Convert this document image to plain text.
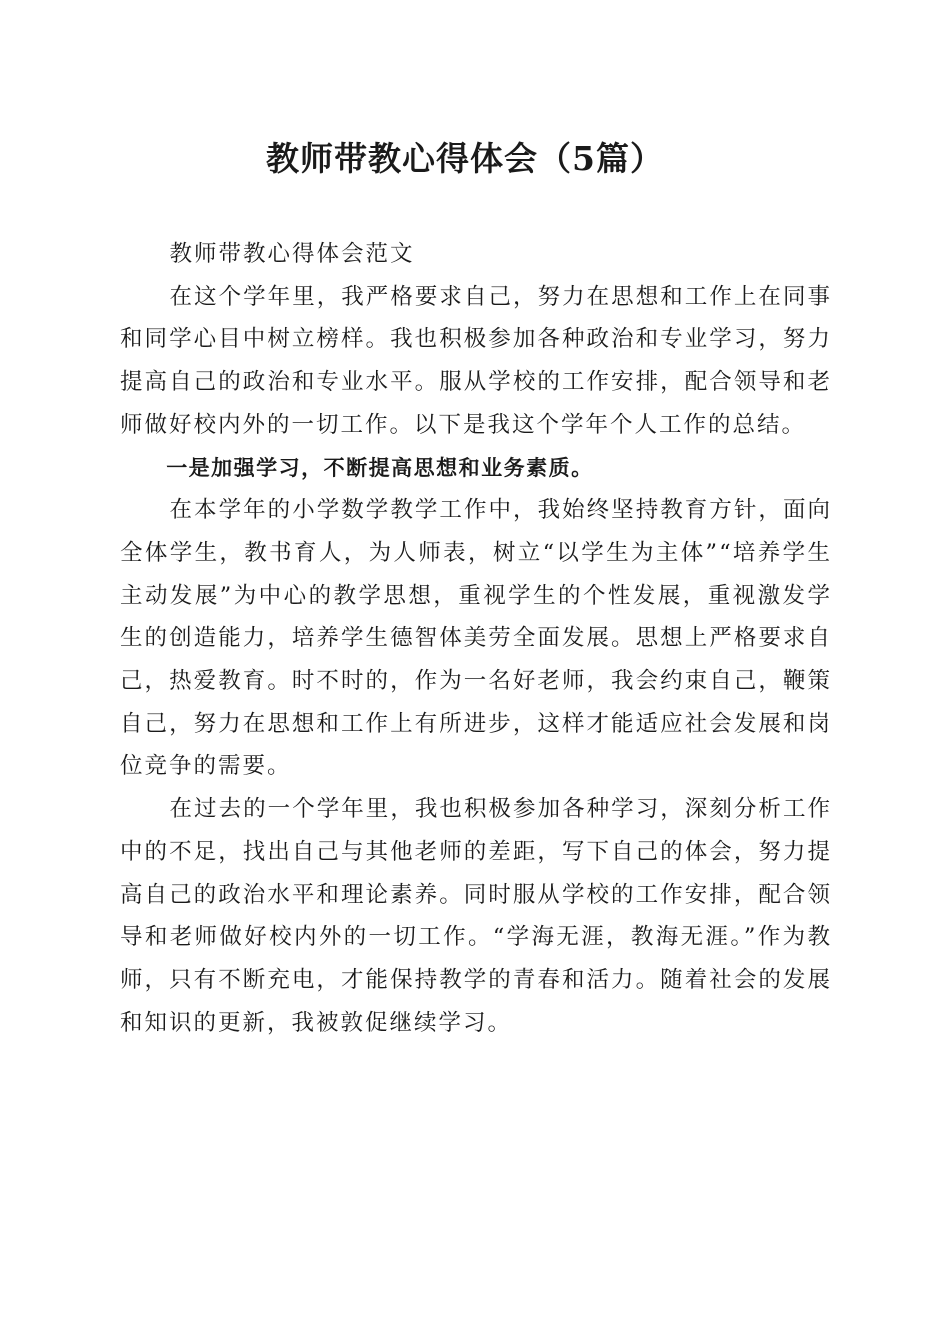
教师带教心得体会（5篇）

教师带教心得体会范文

在这个学年里，我严格要求自己，努力在思想和工作上在同事和同学心目中树立榜样。我也积极参加各种政治和专业学习，努力提高自己的政治和专业水平。服从学校的工作安排，配合领导和老师做好校内外的一切工作。以下是我这个学年个人工作的总结。

一是加强学习，不断提高思想和业务素质。

在本学年的小学数学教学工作中，我始终坚持教育方针，面向全体学生，教书育人，为人师表，树立“以学生为主体”“培养学生主动发展”为中心的教学思想，重视学生的个性发展，重视激发学生的创造能力，培养学生德智体美劳全面发展。思想上严格要求自己，热爱教育。时不时的，作为一名好老师，我会约束自己，鞭策自己，努力在思想和工作上有所进步，这样才能适应社会发展和岗位竞争的需要。

在过去的一个学年里，我也积极参加各种学习，深刻分析工作中的不足，找出自己与其他老师的差距，写下自己的体会，努力提高自己的政治水平和理论素养。同时服从学校的工作安排，配合领导和老师做好校内外的一切工作。“学海无涯，教海无涯。”作为教师，只有不断充电，才能保持教学的青春和活力。随着社会的发展和知识的更新，我被敦促继续学习。
